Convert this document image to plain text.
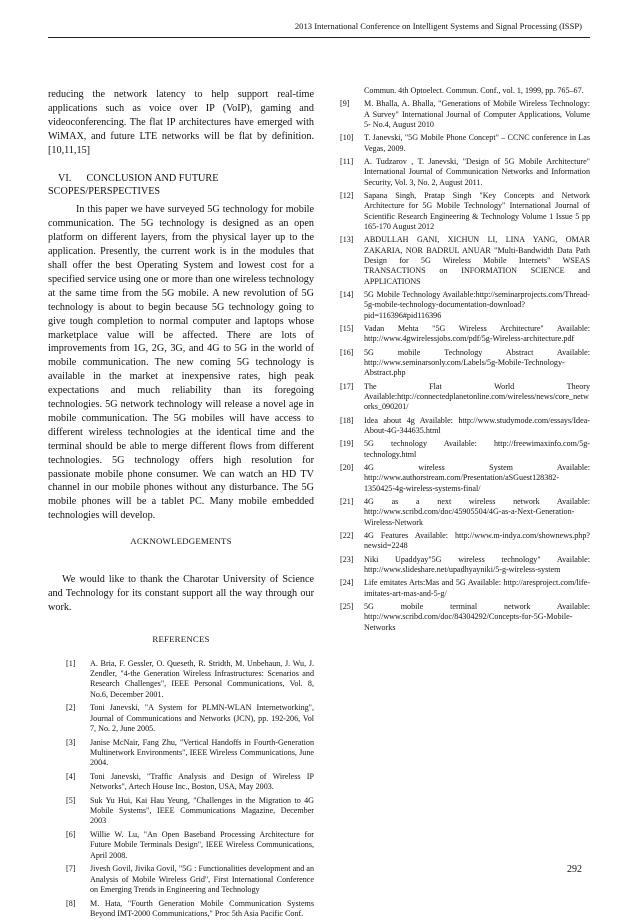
2013 International Conference on Intelligent Systems and Signal Processing (ISSP)

reducing the network latency to help support real-time applications such as voice over IP (VoIP), gaming and videoconferencing. The flat IP architectures have emerged with WiMAX, and future LTE networks will be flat by definition. [10,11,15]

VI. CONCLUSION AND FUTURE SCOPES/PERSPECTIVES

In this paper we have surveyed 5G technology for mobile communication. The 5G technology is designed as an open platform on different layers, from the physical layer up to the application. Presently, the current work is in the modules that shall offer the best Operating System and lowest cost for a specified service using one or more than one wireless technology at the same time from the 5G mobile. A new revolution of 5G technology is about to begin because 5G technology going to give tough completion to normal computer and laptops whose marketplace value will be affected. There are lots of improvements from 1G, 2G, 3G, and 4G to 5G in the world of mobile communication. The new coming 5G technology is available in the market at inexpensive rates, high peak expectations and much reliability than its foregoing technologies. 5G network technology will release a novel age in mobile communication. The 5G mobiles will have access to different wireless technologies at the identical time and the terminal should be able to merge different flows from different technologies. 5G technology offers high resolution for passionate mobile phone consumer. We can watch an HD TV channel in our mobile phones without any disturbance. The 5G mobile phones will be a tablet PC. Many mobile embedded technologies will develop.

ACKNOWLEDGEMENTS

We would like to thank the Charotar University of Science and Technology for its constant support all the way through our work.

REFERENCES
[1]	A. Bria, F. Gessler, O. Queseth, R. Stridth, M. Unbehaun, J. Wu, J. Zendler, "4-the Generation Wireless Infrastructures: Scenarios and Research Challenges", IEEE Personal Communications, Vol. 8, No.6, December 2001.
[2]	Toni Janevski, "A System for PLMN-WLAN Internetworking", Journal of Communications and Networks (JCN), pp. 192-206, Vol 7, No. 2, June 2005.
[3]	Janise McNair, Fang Zhu, "Vertical Handoffs in Fourth-Generation Multinetwork Environments", IEEE Wireless Communications, June 2004.
[4]	Toni Janevski, "Traffic Analysis and Design of Wireless IP Networks", Artech House Inc., Boston, USA, May 2003.
[5]	Suk Yu Hui, Kai Hau Yeung, "Challenges in the Migration to 4G Mobile Systems", IEEE Communications Magazine, December 2003
[6]	Willie W. Lu, "An Open Baseband Processing Architecture for Future Mobile Terminals Design", IEEE Wireless Communications, April 2008.
[7]	Jivesh Govil, Jivika Govil, "5G : Functionalities development and an Analysis of Mobile Wireless Grid", First International Conference on Emerging Trends in Engineering and Technology
[8]	M. Hata, "Fourth Generation Mobile Communication Systems Beyond IMT-2000 Communications," Proc 5th Asia Pacific Conf.
Commun. 4th Optoelect. Commun. Conf., vol. 1, 1999, pp. 765–67.
[9]	M. Bhalla, A. Bhalla, "Generations of Mobile Wireless Technology: A Survey" International Journal of Computer Applications, Volume 5- No.4, August 2010
[10]	T. Janevski, "5G Mobile Phone Concept" – CCNC conference in Las Vegas, 2009.
[11]	A. Tudzarov , T. Janevski, "Design of 5G Mobile Architecture" International Journal of Communication Networks and Information Security, Vol. 3, No. 2, August 2011.
[12]	Sapana Singh, Pratap Singh "Key Concepts and Network Architecture for 5G Mobile Technology" International Journal of Scientific Research Engineering & Technology Volume 1 Issue 5 pp 165-170 August 2012
[13]	ABDULLAH GANI, XICHUN LI, LINA YANG, OMAR ZAKARIA, NOR BADRUL ANUAR "Multi-Bandwidth Data Path Design for 5G Wireless Mobile Internets" WSEAS TRANSACTIONS on INFORMATION SCIENCE and APPLICATIONS
[14]	5G Mobile Technology Available:http://seminarprojects.com/Thread-5g-mobile-technology-documentation-download?pid=116396#pid116396
[15]	Vadan Mehta "5G Wireless Architecture" Available: http://www.4gwirelessjobs.com/pdf/5g-Wireless-architecture.pdf
[16]	5G mobile Technology Abstract Available: http://www.seminarsonly.com/Labels/5g-Mobile-Technology-Abstract.php
[17]	The Flat World Theory Available:http://connectedplanetonline.com/wireless/news/core_networks_090201/
[18]	Idea about 4g Available: http://www.studymode.com/essays/Idea-About-4G-344635.html
[19]	5G technology Available: http://freewimaxinfo.com/5g-technology.html
[20]	4G wireless System Available: http://www.authorstream.com/Presentation/aSGuest128382-1350425-4g-wireless-systems-final/
[21]	4G as a next wireless network Available: http://www.scribd.com/doc/45905504/4G-as-a-Next-Generation-Wireless-Network
[22]	4G Features Available: http://www.m-indya.com/shownews.php?newsid=2248
[23]	Niki Upaddyay"5G wireless technology" Available: http://www.slideshare.net/upadhyayniki/5-g-wireless-system
[24]	Life emitates Arts:Mas and 5G Available: http://aresproject.com/life-imitates-art-mas-and-5-g/
[25]	5G mobile terminal network Available: http://www.scribd.com/doc/84304292/Concepts-for-5G-Mobile-Networks
292
